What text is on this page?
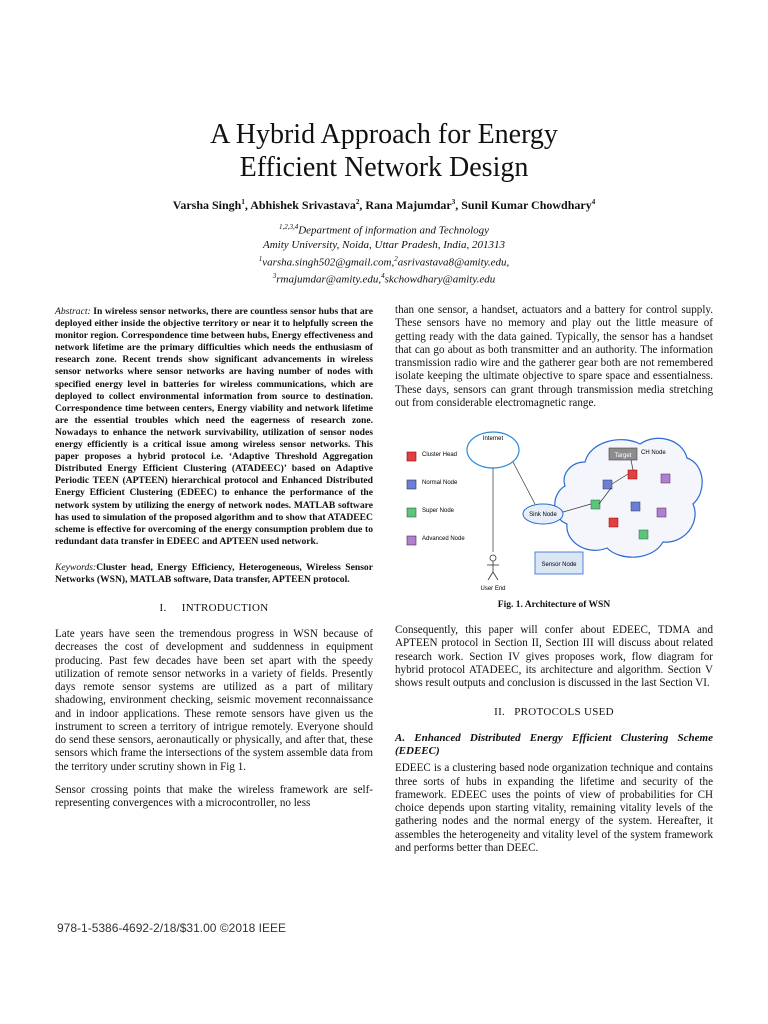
A Hybrid Approach for Energy
Efficient Network Design
Varsha Singh$^1$, Abhishek Srivastava$^2$, Rana Majumdar$^3$, Sunil Kumar Chowdhary$^4$
$^{1,2,3,4}$Department of information and Technology
Amity University, Noida, Uttar Pradesh, India, 201313
$^1$varsha.singh502@gmail.com,$^2$asrivastava8@amity.edu,
$^3$rmajumdar@amity.edu,$^4$skchowdhary@amity.edu

Abstract: In wireless sensor networks, there are countless sensor hubs that are deployed either inside the objective territory or near it to helpfully screen the monitor region. Correspondence time between hubs, Energy effectiveness and network lifetime are the primary difficulties which needs the enthusiasm of research zone. Recent trends show significant advancements in wireless sensor networks where sensor networks are having number of nodes with specified energy level in batteries for wireless communications, which are deployed to collect environmental information from source to destination. Correspondence time between centers, Energy viability and network lifetime are the essential troubles which need the eagerness of research zone. Nowadays to enhance the network survivability, utilization of sensor nodes energy efficiently is a critical issue among wireless sensor networks. This paper proposes a hybrid protocol i.e. ‘Adaptive Threshold Aggregation Distributed Energy Efficient Clustering (ATADEEC)’ based on Adaptive Periodic TEEN (APTEEN) hierarchical protocol and Enhanced Distributed Energy Efficient Clustering (EDEEC) to enhance the performance of the network system by utilizing the energy of network nodes. MATLAB software has used to simulation of the proposed algorithm and to show that ATADEEC scheme is effective for overcoming of the energy consumption problem due to redundant data transfer in EDEEC and APTEEN used network.

Keywords:Cluster head, Energy Efficiency, Heterogeneous, Wireless Sensor Networks (WSN), MATLAB software, Data transfer, APTEEN protocol.

I.     INTRODUCTION

Late years have seen the tremendous progress in WSN because of decreases the cost of development and suddenness in equipment producing. Past few decades have been set apart with the speedy utilization of remote sensor networks in a variety of fields. Presently days remote sensor systems are utilized as a part of military shadowing, environment checking, seismic movement reconnaissance and in indoor applications. These remote sensors have given us the instrument to screen a territory of intrigue remotely. Everyone should do send these sensors, aeronautically or physically, and after that, these sensors which frame the intersections of the system assemble data from the territory under scrutiny shown in Fig 1.

Sensor crossing points that make the wireless framework are self-representing convergences with a microcontroller, no less

than one sensor, a handset, actuators and a battery for control supply. These sensors have no memory and play out the little measure of getting ready with the data gained. Typically, the sensor has a handset that can go about as both transmitter and an authority. The information transmission radio wire and the gatherer gear both are not remembered isolate keeping the ultimate objective to spare space and essentialness. These days, sensors can grant through transmission media stretching out from considerable electromagnetic range.

Cluster Head
Normal Node
Super Node
Advanced Node
Internet
Target CH Node
Sink Node
User End
Sensor Node
Fig. 1. Architecture of WSN

Consequently, this paper will confer about EDEEC, TDMA and APTEEN protocol in Section II, Section III will discuss about related research work. Section IV gives proposes work, flow diagram for hybrid protocol ATADEEC, its architecture and algorithm. Section V shows result outputs and conclusion is discussed in the last Section VI.

II.   PROTOCOLS USED

A. Enhanced Distributed Energy Efficient Clustering Scheme (EDEEC)

EDEEC is a clustering based node organization technique and contains three sorts of hubs in expanding the lifetime and security of the framework. EDEEC uses the points of view of probabilities for CH choice depends upon starting vitality, remaining vitality levels of the gathering nodes and the normal energy of the system. Hereafter, it assembles the heterogeneity and vitality level of the system framework and performs better than DEEC.

978-1-5386-4692-2/18/$31.00 ©2018 IEEE
